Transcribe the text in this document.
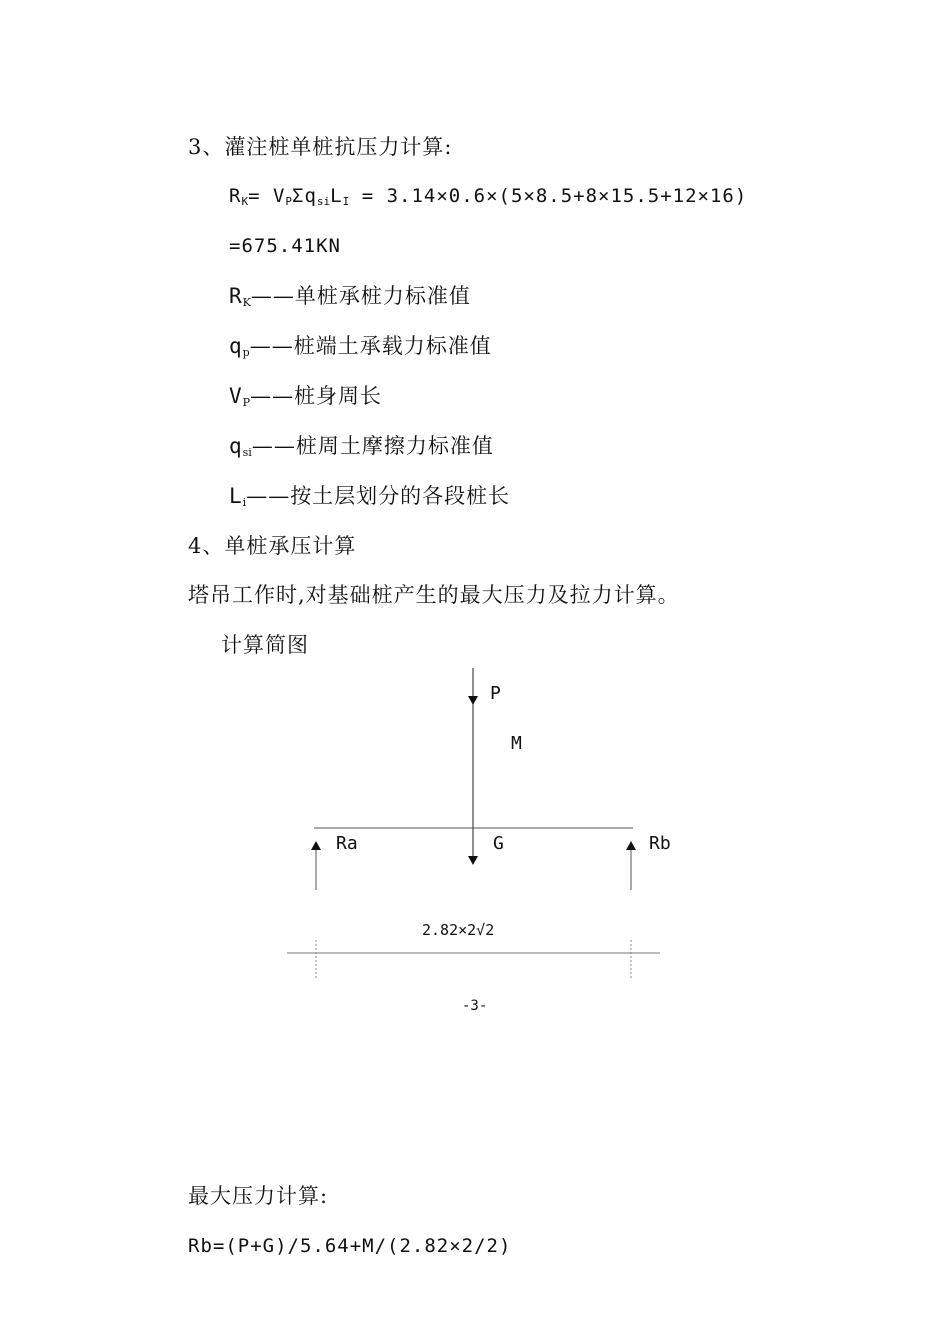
3、灌注桩单桩抗压力计算:
$R_K= V_P\Sigma q_{si}L_I = 3.14\times 0.6\times(5\times 8.5+8\times 15.5+12\times 16)$
=675.41KN
$R_K——$单桩承桩力标准值
$q_p——$桩端土承载力标准值
$V_P——$桩身周长
$q_{si}——$桩周土摩擦力标准值
$L_i——$按土层划分的各段桩长
4、单桩承压计算
塔吊工作时,对基础桩产生的最大压力及拉力计算。
计算简图
P
M
Ra	G	Rb
2.82×2√2
-3-
最大压力计算:
Rb=(P+G)/5.64+M/(2.82×2/2)
